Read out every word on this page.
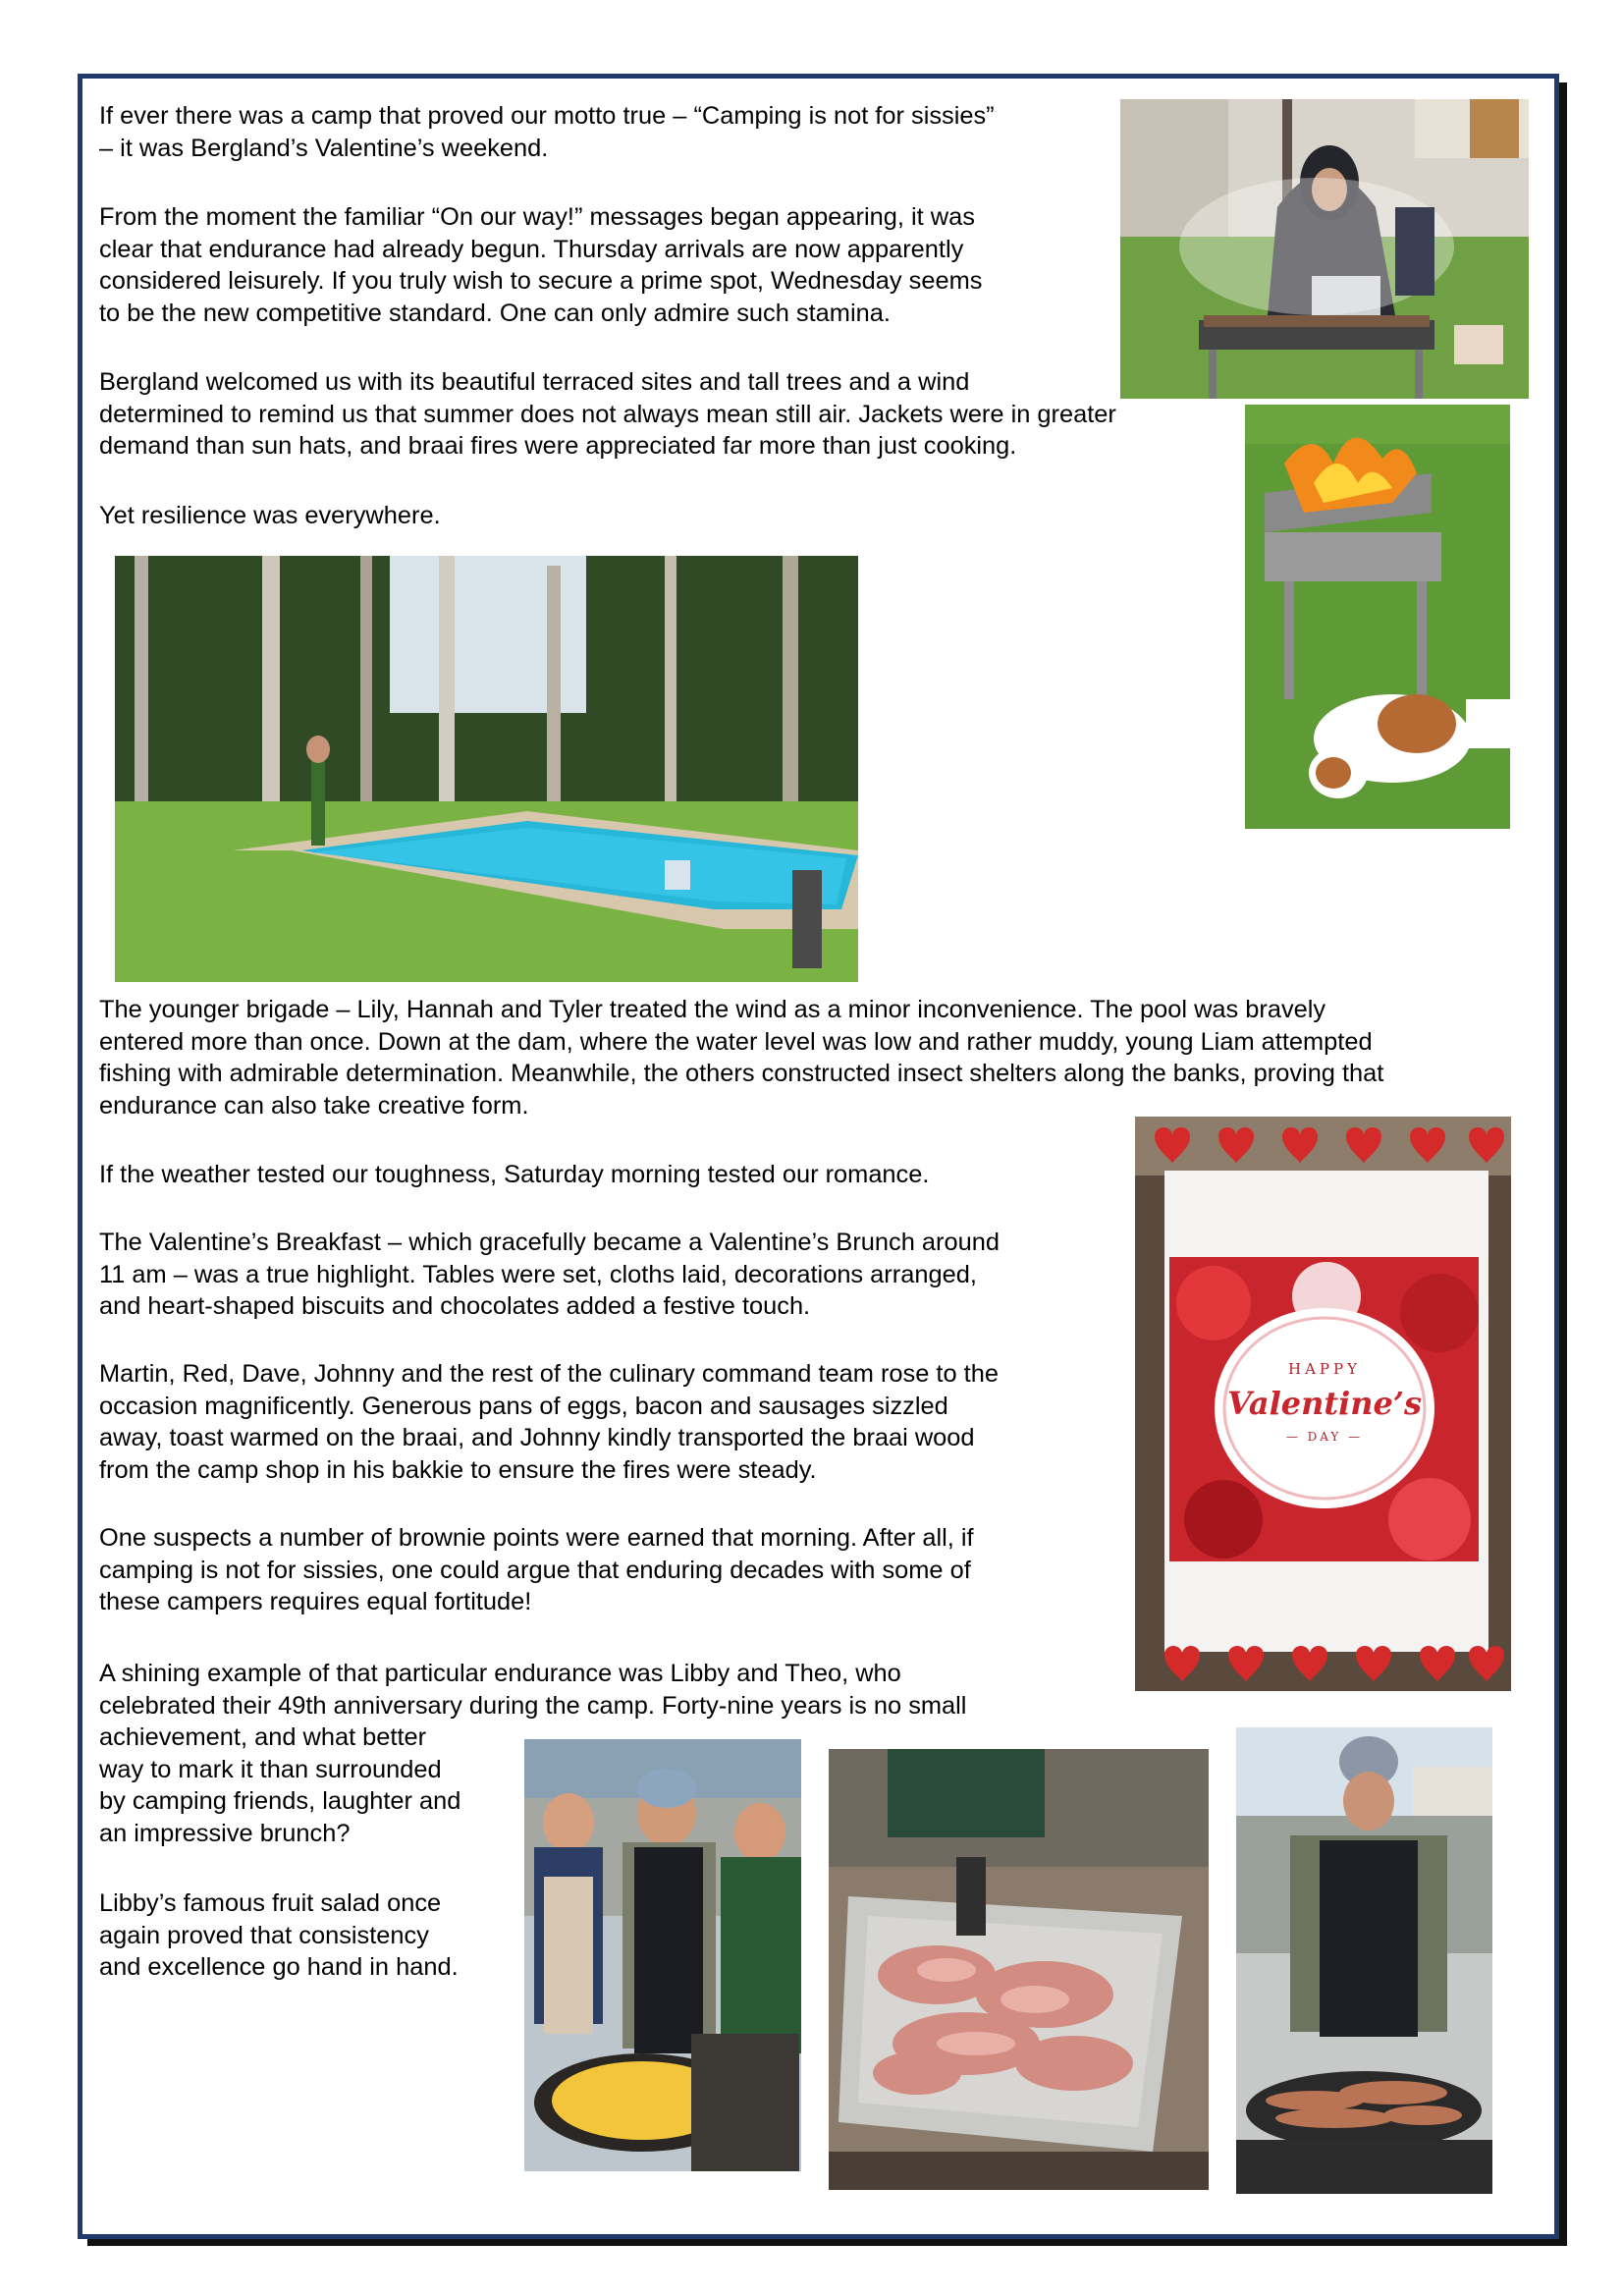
If ever there was a camp that proved our motto true – “Camping is not for sissies”
– it was Bergland’s Valentine’s weekend.

From the moment the familiar “On our way!” messages began appearing, it was
clear that endurance had already begun. Thursday arrivals are now apparently
considered leisurely. If you truly wish to secure a prime spot, Wednesday seems
to be the new competitive standard. One can only admire such stamina.

Bergland welcomed us with its beautiful terraced sites and tall trees and a wind
determined to remind us that summer does not always mean still air. Jackets were in greater
demand than sun hats, and braai fires were appreciated far more than just cooking.

Yet resilience was everywhere.

The younger brigade – Lily, Hannah and Tyler treated the wind as a minor inconvenience. The pool was bravely
entered more than once. Down at the dam, where the water level was low and rather muddy, young Liam attempted
fishing with admirable determination. Meanwhile, the others constructed insect shelters along the banks, proving that
endurance can also take creative form.

If the weather tested our toughness, Saturday morning tested our romance.

The Valentine’s Breakfast – which gracefully became a Valentine’s Brunch around
11 am – was a true highlight. Tables were set, cloths laid, decorations arranged,
and heart-shaped biscuits and chocolates added a festive touch.

Martin, Red, Dave, Johnny and the rest of the culinary command team rose to the
occasion magnificently. Generous pans of eggs, bacon and sausages sizzled
away, toast warmed on the braai, and Johnny kindly transported the braai wood
from the camp shop in his bakkie to ensure the fires were steady.

One suspects a number of brownie points were earned that morning. After all, if
camping is not for sissies, one could argue that enduring decades with some of
these campers requires equal fortitude!

A shining example of that particular endurance was Libby and Theo, who
celebrated their 49th anniversary during the camp. Forty-nine years is no small

achievement, and what better
way to mark it than surrounded
by camping friends, laughter and
an impressive brunch?

Libby’s famous fruit salad once
again proved that consistency
and excellence go hand in hand.

HAPPY
Valentine’s
— DAY —
